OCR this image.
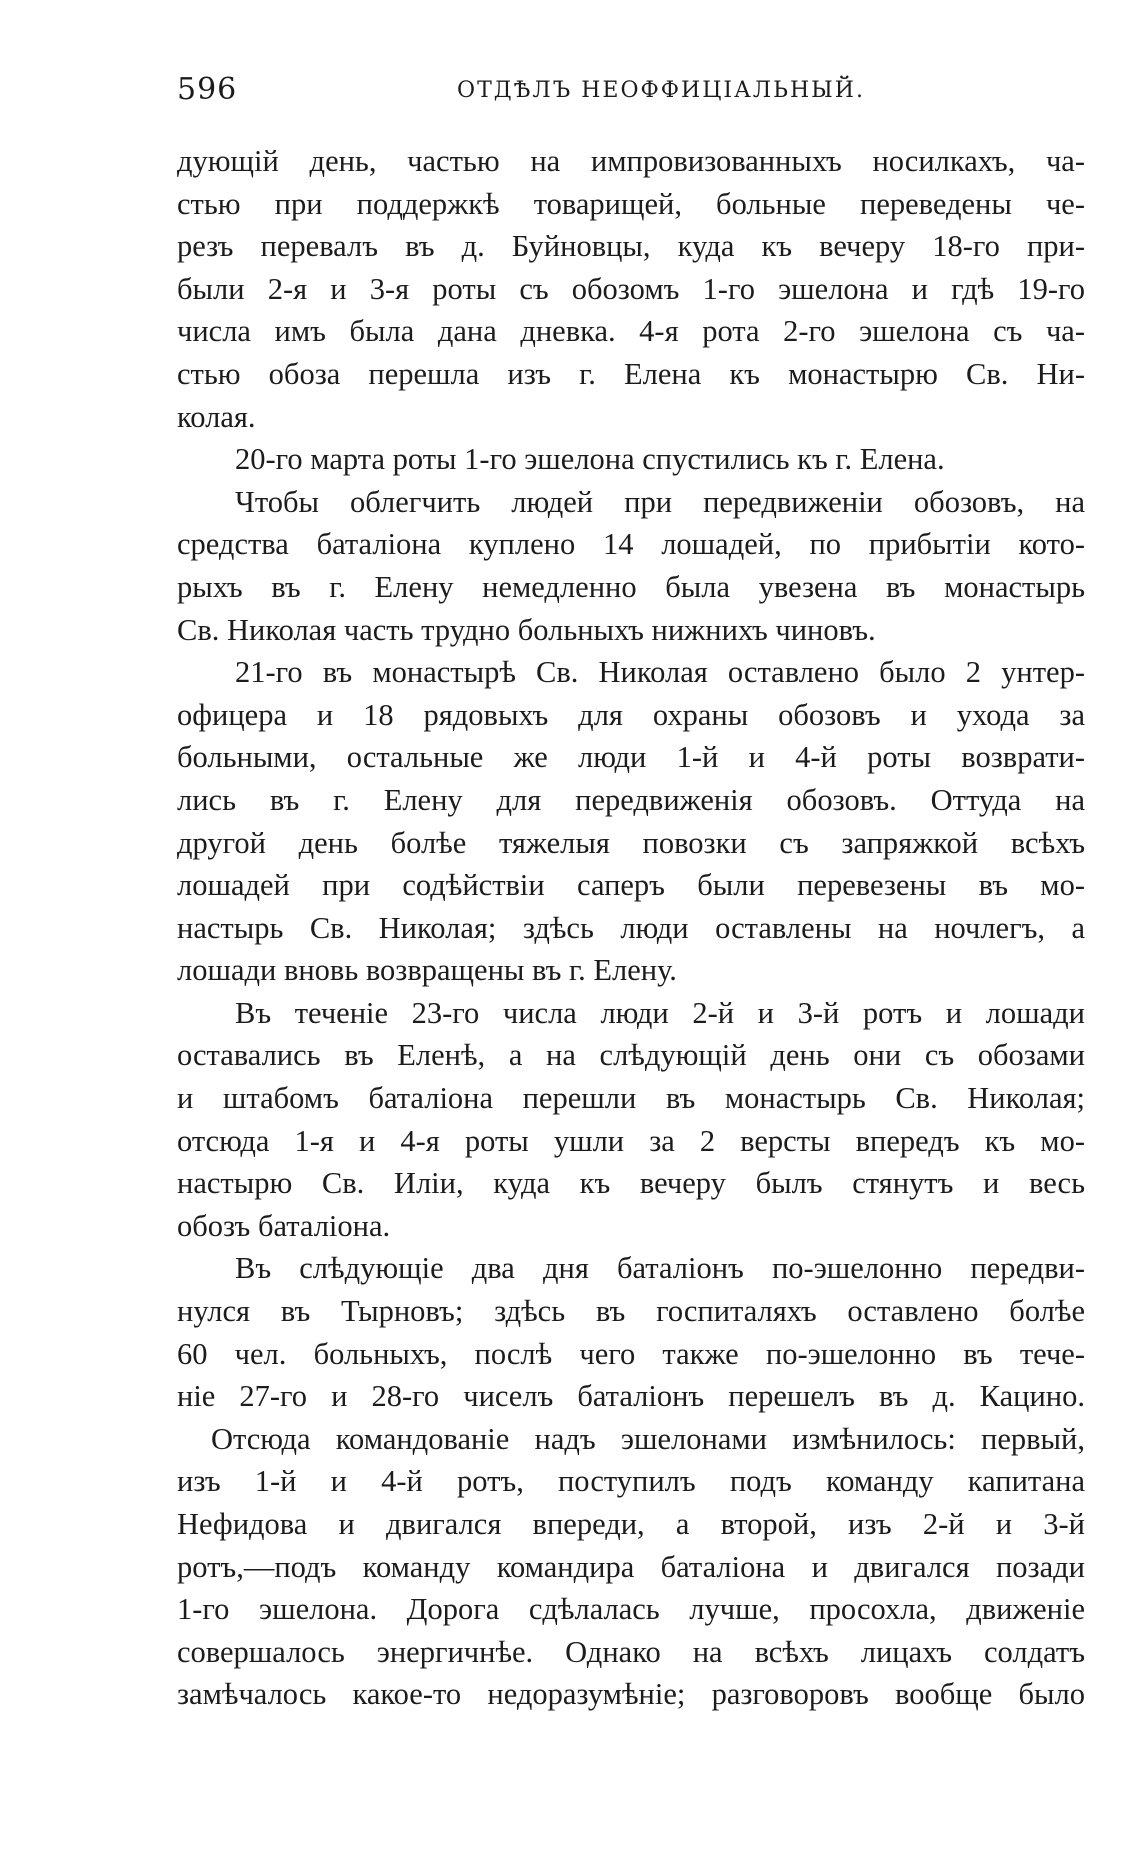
596	ОТДѢЛЪ НЕОФФИЦІАЛЬНЫЙ.
дующій день, частью на импровизованныхъ носилкахъ, ча-
стью при поддержкѣ товарищей, больные переведены че-
резъ перевалъ въ д. Буйновцы, куда къ вечеру 18-го при-
были 2-я и 3-я роты съ обозомъ 1-го эшелона и гдѣ 19-го
числа имъ была дана дневка. 4-я рота 2-го эшелона съ ча-
стью обоза перешла изъ г. Елена къ монастырю Св. Ни-
колая.
20-го марта роты 1-го эшелона спустились къ г. Елена.
Чтобы облегчить людей при передвиженіи обозовъ, на
средства баталіона куплено 14 лошадей, по прибытіи кото-
рыхъ въ г. Елену немедленно была увезена въ монастырь
Св. Николая часть трудно больныхъ нижнихъ чиновъ.
21-го въ монастырѣ Св. Николая оставлено было 2 унтер-
офицера и 18 рядовыхъ для охраны обозовъ и ухода за
больными, остальные же люди 1-й и 4-й роты возврати-
лись въ г. Елену для передвиженія обозовъ. Оттуда на
другой день болѣе тяжелыя повозки съ запряжкой всѣхъ
лошадей при содѣйствіи саперъ были перевезены въ мо-
настырь Св. Николая; здѣсь люди оставлены на ночлегъ, а
лошади вновь возвращены въ г. Елену.
Въ теченіе 23-го числа люди 2-й и 3-й ротъ и лошади
оставались въ Еленѣ, а на слѣдующій день они съ обозами
и штабомъ баталіона перешли въ монастырь Св. Николая;
отсюда 1-я и 4-я роты ушли за 2 версты впередъ къ мо-
настырю Св. Иліи, куда къ вечеру былъ стянутъ и весь
обозъ баталіона.
Въ слѣдующіе два дня баталіонъ по-эшелонно передви-
нулся въ Тырновъ; здѣсь въ госпиталяхъ оставлено болѣе
60 чел. больныхъ, послѣ чего также по-эшелонно въ тече-
ніе 27-го и 28-го чиселъ баталіонъ перешелъ въ д. Кацино.
Отсюда командованіе надъ эшелонами измѣнилось: первый,
изъ 1-й и 4-й ротъ, поступилъ подъ команду капитана
Нефидова и двигался впереди, а второй, изъ 2-й и 3-й
ротъ,—подъ команду командира баталіона и двигался позади
1-го эшелона. Дорога сдѣлалась лучше, просохла, движеніе
совершалось энергичнѣе. Однако на всѣхъ лицахъ солдатъ
замѣчалось какое-то недоразумѣніе; разговоровъ вообще было
